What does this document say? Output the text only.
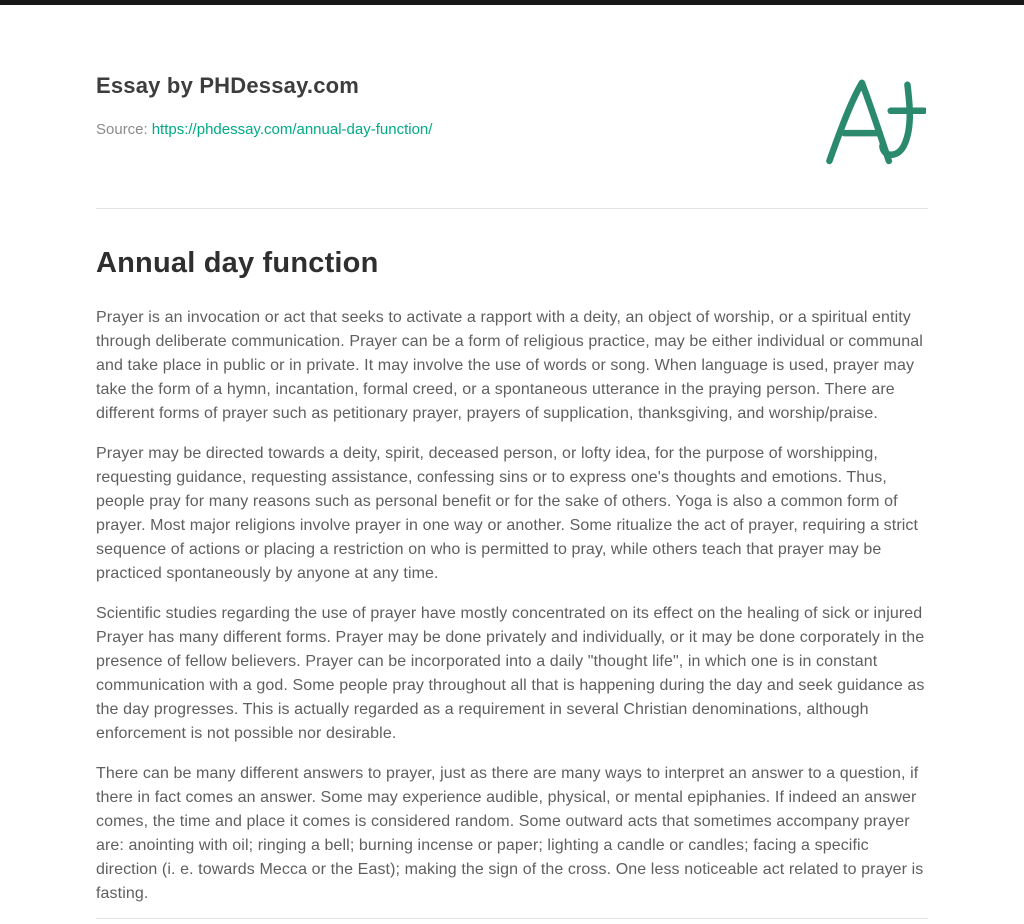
Essay by PHDessay.com
Source: https://phdessay.com/annual-day-function/
Annual day function

Prayer is an invocation or act that seeks to activate a rapport with a deity, an object of worship, or a spiritual entity through deliberate communication. Prayer can be a form of religious practice, may be either individual or communal and take place in public or in private. It may involve the use of words or song. When language is used, prayer may take the form of a hymn, incantation, formal creed, or a spontaneous utterance in the praying person. There are different forms of prayer such as petitionary prayer, prayers of supplication, thanksgiving, and worship/praise.

Prayer may be directed towards a deity, spirit, deceased person, or lofty idea, for the purpose of worshipping, requesting guidance, requesting assistance, confessing sins or to express one's thoughts and emotions. Thus, people pray for many reasons such as personal benefit or for the sake of others. Yoga is also a common form of prayer. Most major religions involve prayer in one way or another. Some ritualize the act of prayer, requiring a strict sequence of actions or placing a restriction on who is permitted to pray, while others teach that prayer may be practiced spontaneously by anyone at any time.

Scientific studies regarding the use of prayer have mostly concentrated on its effect on the healing of sick or injured Prayer has many different forms. Prayer may be done privately and individually, or it may be done corporately in the presence of fellow believers. Prayer can be incorporated into a daily "thought life", in which one is in constant communication with a god. Some people pray throughout all that is happening during the day and seek guidance as the day progresses. This is actually regarded as a requirement in several Christian denominations, although enforcement is not possible nor desirable.

There can be many different answers to prayer, just as there are many ways to interpret an answer to a question, if there in fact comes an answer. Some may experience audible, physical, or mental epiphanies. If indeed an answer comes, the time and place it comes is considered random. Some outward acts that sometimes accompany prayer are: anointing with oil; ringing a bell; burning incense or paper; lighting a candle or candles; facing a specific direction (i. e. towards Mecca or the East); making the sign of the cross. One less noticeable act related to prayer is fasting.
